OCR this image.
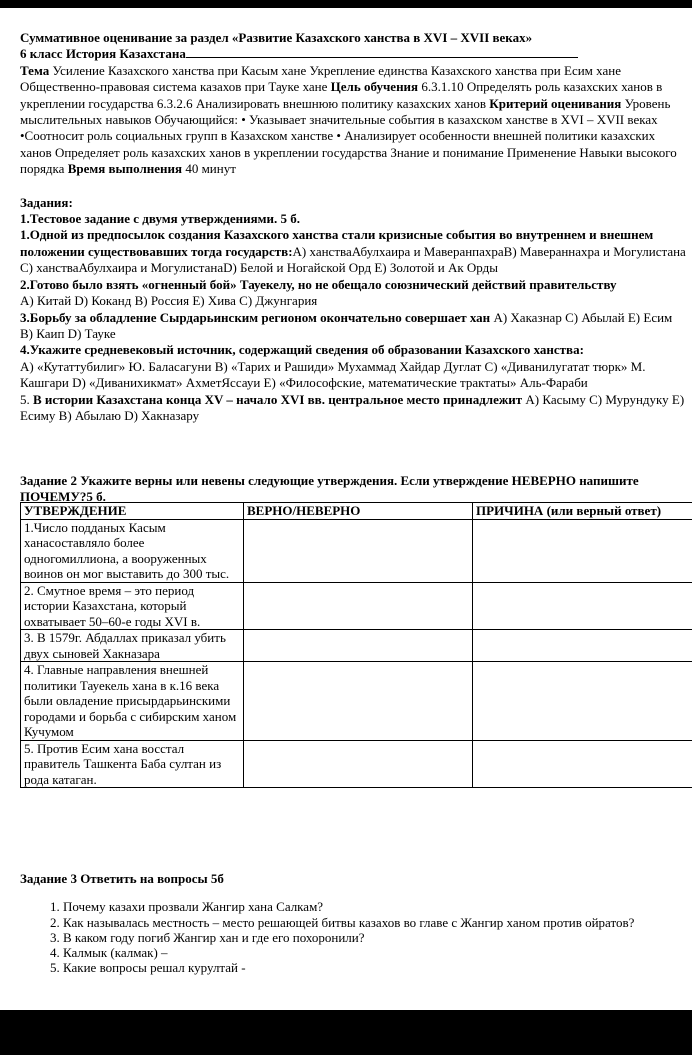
Суммативное оценивание за раздел «Развитие Казахского ханства в XVI – XVII веках»

6 класс История Казахстана

Тема Усиление Казахского ханства при Касым хане Укрепление единства Казахского ханства при Есим хане Общественно-правовая система казахов при Тауке хане Цель обучения 6.3.1.10 Определять роль казахских ханов в укреплении государства 6.3.2.6 Анализировать внешнюю политику казахских ханов Критерий оценивания Уровень мыслительных навыков Обучающийся: • Указывает значительные события в казахском ханстве в XVI – XVII веках •Соотносит роль социальных групп в Казахском ханстве • Анализирует особенности внешней политики казахских ханов Определяет роль казахских ханов в укреплении государства Знание и понимание Применение Навыки высокого порядка Время выполнения 40 минут

Задания:

1.Тестовое задание с двумя утверждениями. 5 б.

1.Одной из предпосылок создания Казахского ханства стали кризисные события во внутреннем и внешнем положении существовавших тогда государств:А) ханстваАбулхаира и МаверанпахраВ) Мавераннахра и Могулистана С) ханстваАбулхаира и МогулистанаD) Белой и Ногайской Орд Е) Золотой и Ак Орды

2.Готово было взять «огненный бой» Тауекелу, но не обещало союзнический действий правительству
А) Китай D) Коканд В) Россия Е) Хива С) Джунгария

3.Борьбу за обладление Сырдарьинским регионом окончательно совершает хан А) Хаказнар С) Абылай Е) Есим В) Каип D) Тауке

4.Укажите средневековый источник, содержащий сведения об образовании Казахского ханства:
А) «Кутаттубилиг» Ю. Баласагуни В) «Тарих и Рашиди» Мухаммад Хайдар Дуглат С) «Диванилугатат тюрк» М. Кашгари D) «Диванихикмат» АхметЯссауи Е) «Философские, математические трактаты» Аль-Фараби

5. В истории Казахстана конца XV – начало XVI вв. центральное место принадлежит А) Касыму С) Мурундуку Е) Есиму В) Абылаю D) Хакназару

Задание 2 Укажите верны или невены следующие утверждения. Если утверждение НЕВЕРНО напишите ПОЧЕМУ?5 б.

УТВЕРЖДЕНИЕ	ВЕРНО/НЕВЕРНО	ПРИЧИНА (или верный ответ)
1.Число подданых Касым ханасоставляло более одногомиллиона, а вооруженных воинов он мог выставить до 300 тыс.		
2. Смутное время – это период истории Казахстана, который охватывает 50–60-е годы XVI в.		
3. В 1579г. Абдаллах приказал убить двух сыновей Хакназара		
4. Главные направления внешней политики Тауекель хана в к.16 века были овладение присырдарьинскими городами и борьба с сибирским ханом Кучумом		
5. Против Есим хана восстал правитель Ташкента Баба султан из рода катаган.		

Задание 3 Ответить на вопросы 5б

1. Почему казахи прозвали Жангир хана Салкам?
2. Как называлась местность – место решающей битвы казахов во главе с Жангир ханом против ойратов?
3. В каком году погиб Жангир хан и где его похоронили?
4. Калмык (калмак) –
5. Какие вопросы решал курултай -
